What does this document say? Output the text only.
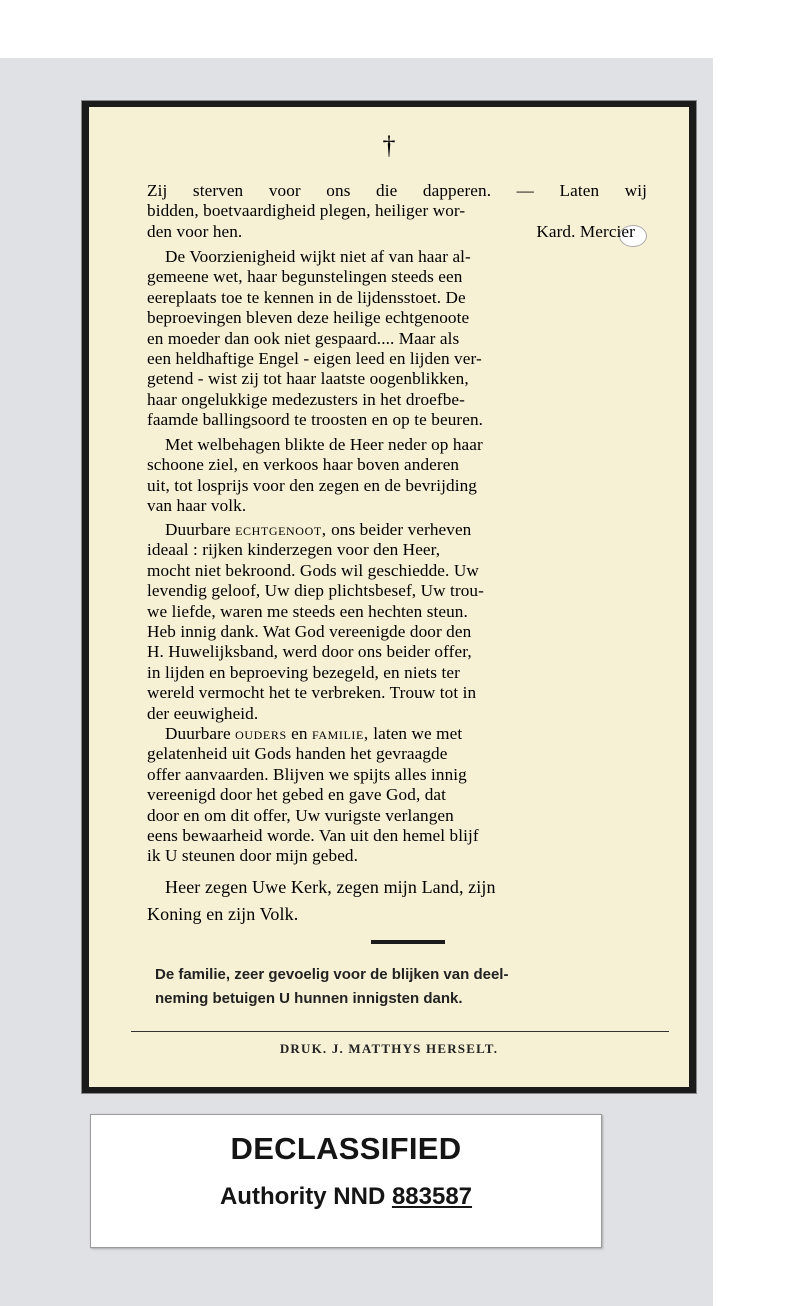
†
Zij sterven voor ons die dapperen. — Laten wij
bidden, boetvaardigheid plegen, heiliger wor-
den voor hen.	Kard. Mercier
De Voorzienigheid wijkt niet af van haar al-
gemeene wet, haar begunstelingen steeds een
eereplaats toe te kennen in de lijdensstoet. De
beproevingen bleven deze heilige echtgenoote
en moeder dan ook niet gespaard.... Maar als
een heldhaftige Engel - eigen leed en lijden ver-
getend - wist zij tot haar laatste oogenblikken,
haar ongelukkige medezusters in het droefbe-
faamde ballingsoord te troosten en op te beuren.
Met welbehagen blikte de Heer neder op haar
schoone ziel, en verkoos haar boven anderen
uit, tot losprijs voor den zegen en de bevrijding
van haar volk.
Duurbare echtgenoot, ons beider verheven
ideaal : rijken kinderzegen voor den Heer,
mocht niet bekroond. Gods wil geschiedde. Uw
levendig geloof, Uw diep plichtsbesef, Uw trou-
we liefde, waren me steeds een hechten steun.
Heb innig dank. Wat God vereenigde door den
H. Huwelijksband, werd door ons beider offer,
in lijden en beproeving bezegeld, en niets ter
wereld vermocht het te verbreken. Trouw tot in
der eeuwigheid.
Duurbare ouders en familie, laten we met
gelatenheid uit Gods handen het gevraagde
offer aanvaarden. Blijven we spijts alles innig
vereenigd door het gebed en gave God, dat
door en om dit offer, Uw vurigste verlangen
eens bewaarheid worde. Van uit den hemel blijf
ik U steunen door mijn gebed.
Heer zegen Uwe Kerk, zegen mijn Land, zijn
Koning en zijn Volk.
De familie, zeer gevoelig voor de blijken van deel-
neming betuigen U hunnen innigsten dank.
DRUK. J. MATTHYS HERSELT.
DECLASSIFIED
Authority NND 883587
